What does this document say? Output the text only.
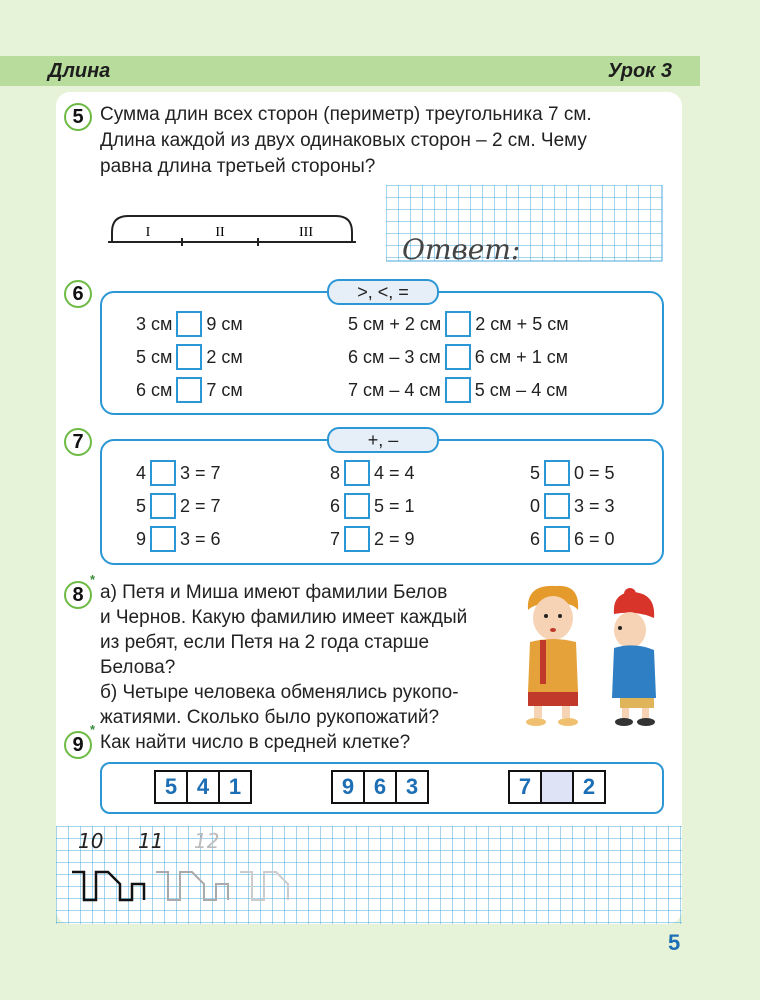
Длина	Урок 3
5 Сумма длин всех сторон (периметр) треугольника 7 см.
Длина каждой из двух одинаковых сторон – 2 см. Чему
равна длина третьей стороны?
I	II	III
Ответ:
6	>, <, =
3 см 9 см
5 см 2 см
6 см 7 см
5 см + 2 см 2 см + 5 см
6 см – 3 см 6 см + 1 см
7 см – 4 см 5 см – 4 см
7	+, –
4 3 = 7
5 2 = 7
9 3 = 6
8 4 = 4
6 5 = 1
7 2 = 9
5 0 = 5
0 3 = 3
6 6 = 0
8
*
а) Петя и Миша имеют фамилии Белов
и Чернов. Какую фамилию имеет каждый
из ребят, если Петя на 2 года старше
Белова?
б) Четыре человека обменялись рукопо-
жатиями. Сколько было рукопожатий?
9
*
Как найти число в средней клетке?
5 4 1	9 6 3	7	2
10 11 12
5
